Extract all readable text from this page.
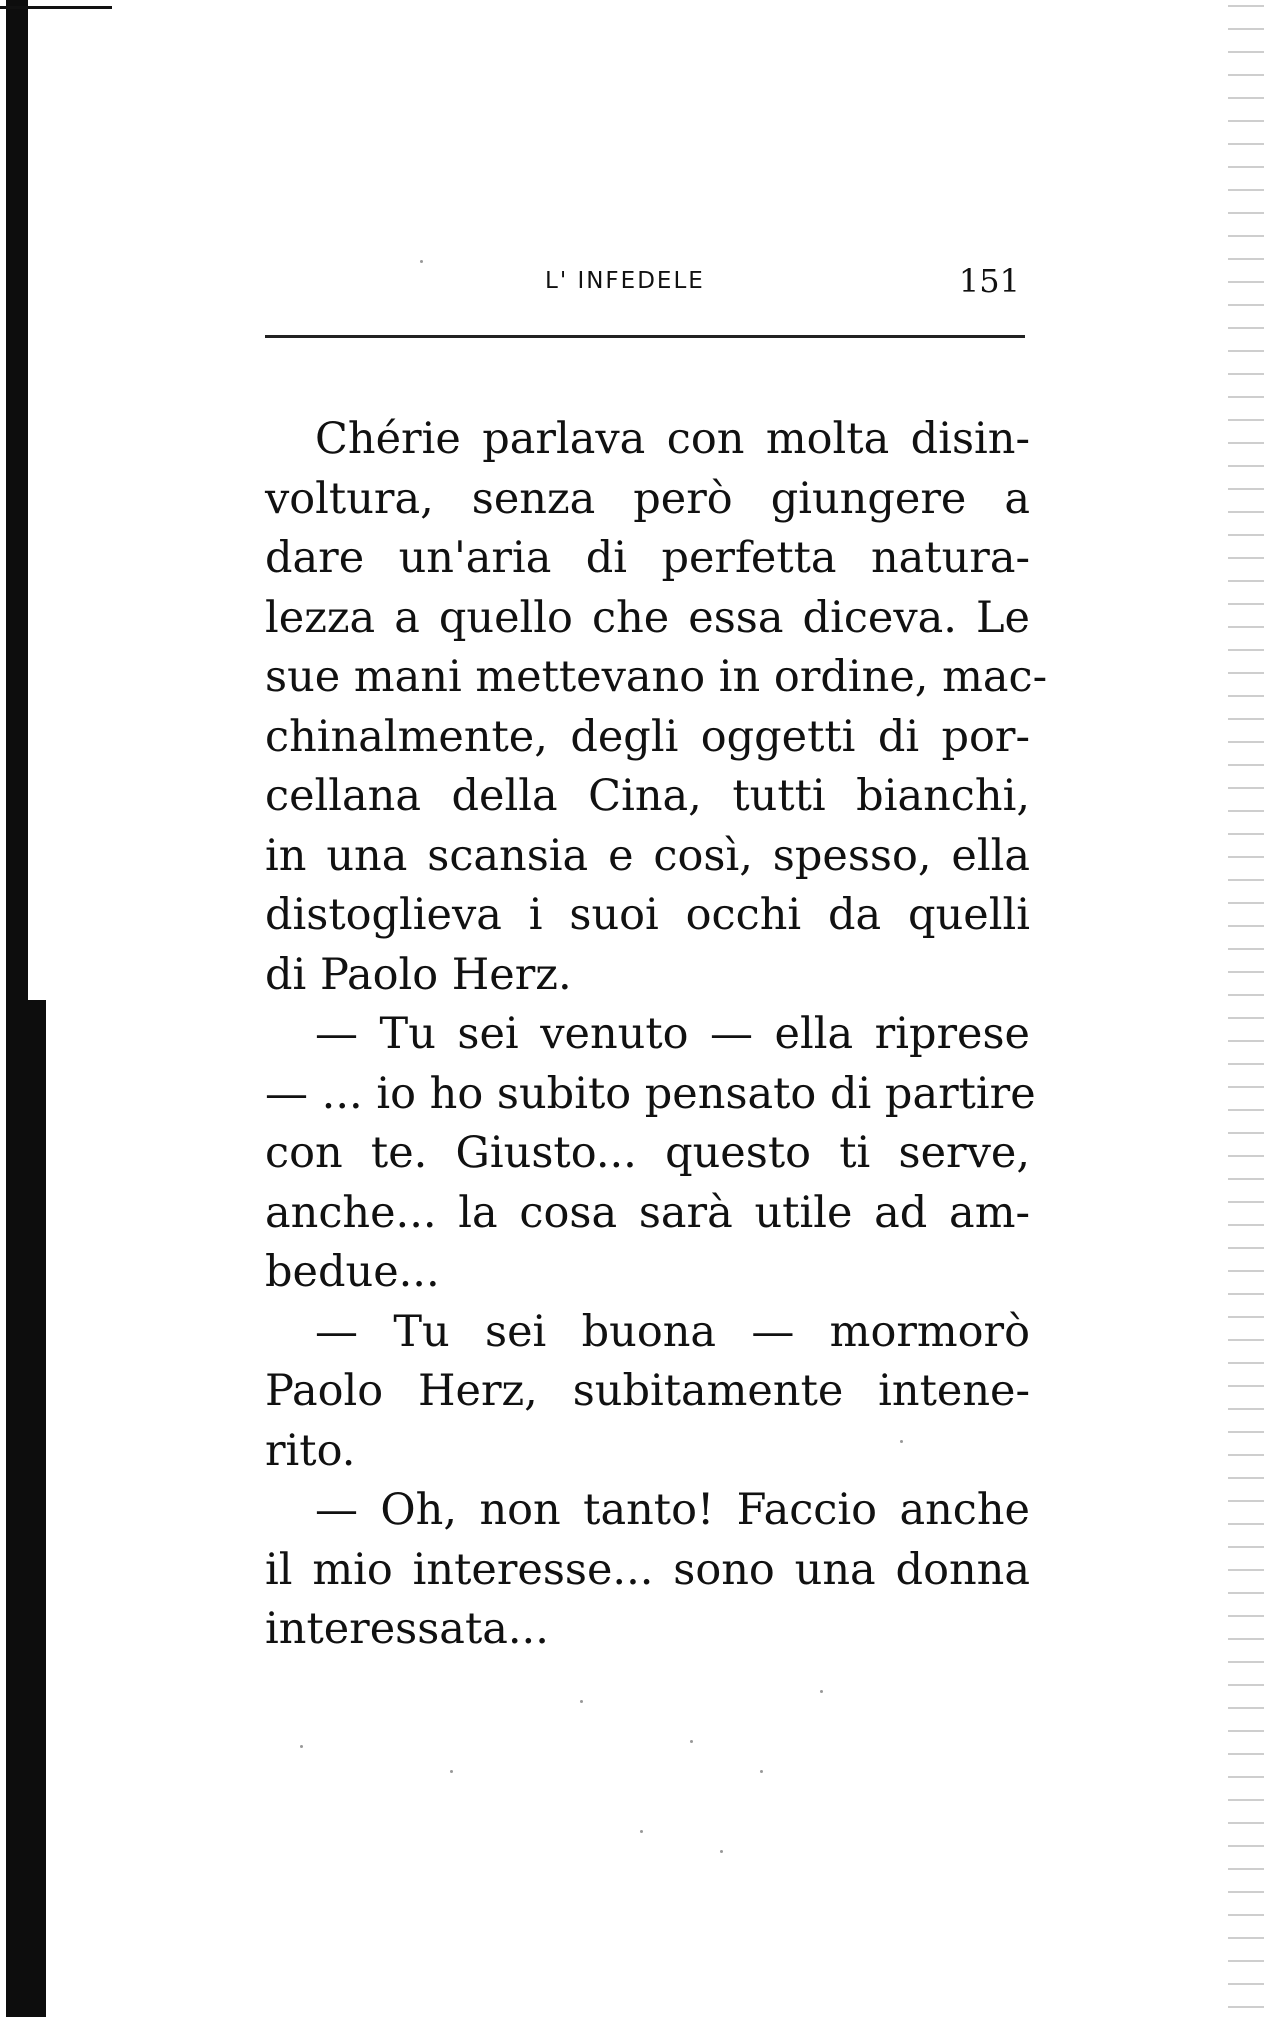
L' INFEDELE	151

Chérie parlava con molta disin-
voltura, senza però giungere a
dare un'aria di perfetta natura-
lezza a quello che essa diceva. Le
sue mani mettevano in ordine, mac-
chinalmente, degli oggetti di por-
cellana della Cina, tutti bianchi,
in una scansia e così, spesso, ella
distoglieva i suoi occhi da quelli
di Paolo Herz.

— Tu sei venuto — ella riprese
— ... io ho subito pensato di partire
con te. Giusto... questo ti serve,
anche... la cosa sarà utile ad am-
bedue...

— Tu sei buona — mormorò
Paolo Herz, subitamente intene-
rito.

— Oh, non tanto! Faccio anche
il mio interesse... sono una donna
interessata...
